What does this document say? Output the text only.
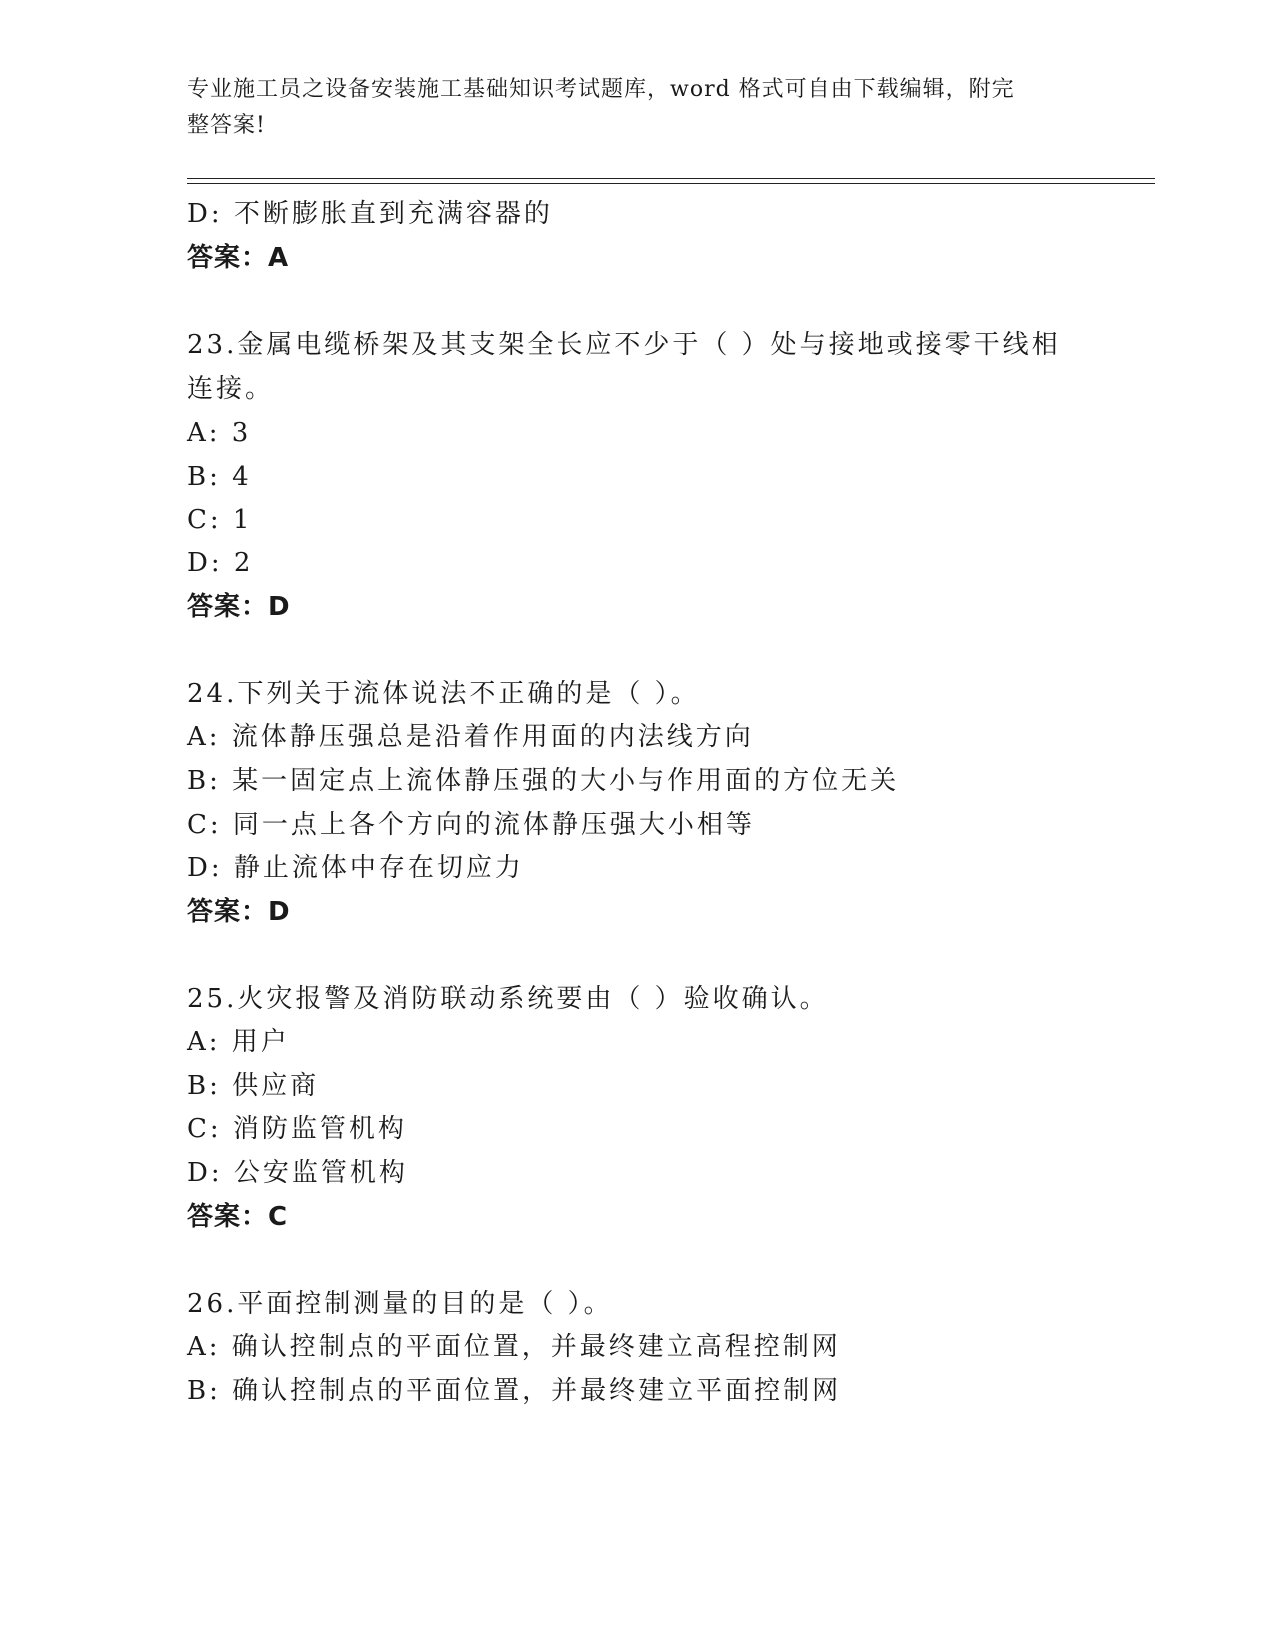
专业施工员之设备安装施工基础知识考试题库，word 格式可自由下载编辑，附完
整答案!
D: 不断膨胀直到充满容器的
答案：A
23.金属电缆桥架及其支架全长应不少于（ ）处与接地或接零干线相
连接。
A: 3
B: 4
C: 1
D: 2
答案：D
24.下列关于流体说法不正确的是（ ）。
A: 流体静压强总是沿着作用面的内法线方向
B: 某一固定点上流体静压强的大小与作用面的方位无关
C: 同一点上各个方向的流体静压强大小相等
D: 静止流体中存在切应力
答案：D
25.火灾报警及消防联动系统要由（ ）验收确认。
A: 用户
B: 供应商
C: 消防监管机构
D: 公安监管机构
答案：C
26.平面控制测量的目的是（ ）。
A: 确认控制点的平面位置，并最终建立高程控制网
B: 确认控制点的平面位置，并最终建立平面控制网
